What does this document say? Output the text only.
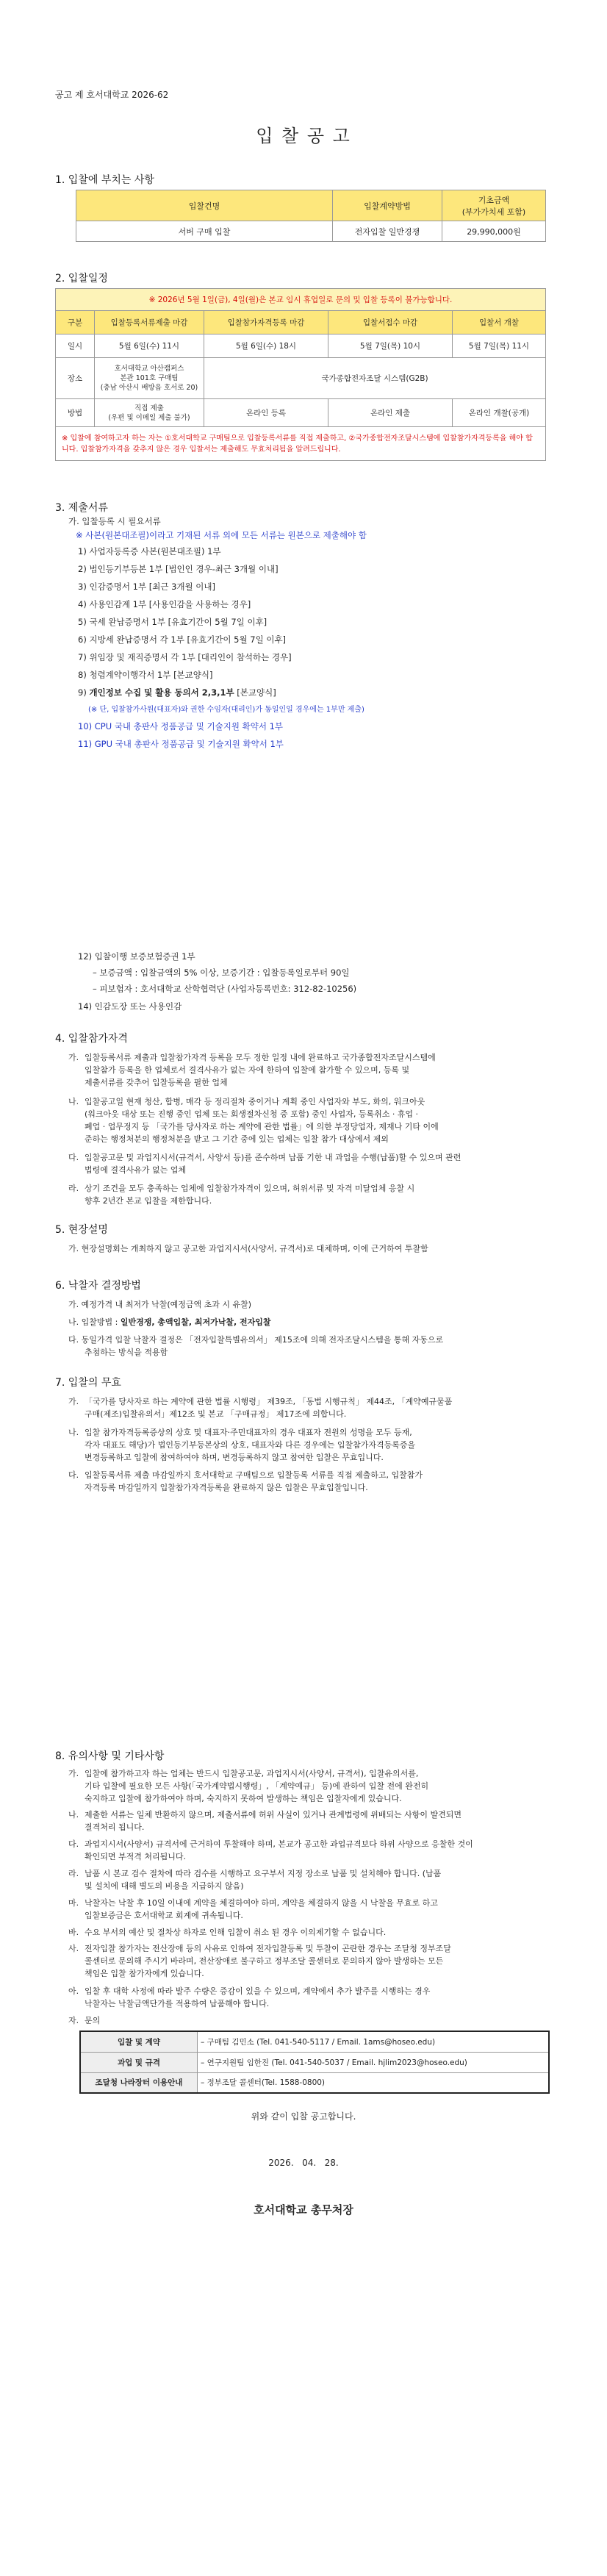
공고 제 호서대학교 2026-62
입 찰 공 고
1. 입찰에 부치는 사항
입찰건명	입찰계약방법	기초금액
(부가가치세 포함)
서버 구매 입찰	전자입찰 일반경쟁	29,990,000원
2. 입찰일정
※ 2026년 5월 1일(금), 4일(월)은 본교 임시 휴업일로 문의 및 입찰 등록이 불가능합니다.				
구분	입찰등록서류제출 마감	입찰참가자격등록 마감	입찰서접수 마감	입찰서 개찰
일시	5월 6일(수) 11시	5월 6일(수) 18시	5월 7일(목) 10시	5월 7일(목) 11시
장소	호서대학교 아산캠퍼스
본관 101호 구매팀
(충남 아산시 배방읍 호서로 20)	국가종합전자조달 시스템(G2B)		
방법	직접 제출
(우편 및 이메일 제출 불가)	온라인 등록	온라인 제출	온라인 개찰(공개)
※ 입찰에 참여하고자 하는 자는 ①호서대학교 구매팀으로 입찰등록서류를 직접 제출하고, ②국가종합전자조달시스템에 입찰참가자격등록을 해야 합니다. 입찰참가자격을 갖추지 않은 경우 입찰서는 제출해도 무효처리됨을 알려드립니다.				
3. 제출서류
가. 입찰등록 시 필요서류
※ 사본(원본대조필)이라고 기재된 서류 외에 모든 서류는 원본으로 제출해야 함
1) 사업자등록증 사본(원본대조필) 1부
2) 법인등기부등본 1부 [법인인 경우-최근 3개월 이내]
3) 인감증명서 1부 [최근 3개월 이내]
4) 사용인감계 1부 [사용인감을 사용하는 경우]
5) 국세 완납증명서 1부 [유효기간이 5월 7일 이후]
6) 지방세 완납증명서 각 1부 [유효기간이 5월 7일 이후]
7) 위임장 및 재직증명서 각 1부 [대리인이 참석하는 경우]
8) 청렴계약이행각서 1부 [본교양식]
9) 개인정보 수집 및 활용 동의서 2,3,1부 [본교양식]
(※ 단, 입찰참가사원(대표자)와 권한 수임자(대리인)가 동일인일 경우에는 1부만 제출)
10) CPU 국내 총판사 정품공급 및 기술지원 확약서 1부
11) GPU 국내 총판사 정품공급 및 기술지원 확약서 1부
12) 입찰이행 보증보험증권 1부
– 보증금액 : 입찰금액의 5% 이상, 보증기간 : 입찰등록일로부터 90일
– 피보험자 : 호서대학교 산학협력단 (사업자등록번호: 312-82-10256)
14) 인감도장 또는 사용인감
4. 입찰참가자격
가. 입찰등록서류 제출과 입찰참가자격 등록을 모두 정한 일정 내에 완료하고 국가종합전자조달시스템에
입찰참가 등록을 한 업체로서 결격사유가 없는 자에 한하여 입찰에 참가할 수 있으며, 등록 및
제출서류를 갖추어 입찰등록을 필한 업체
나. 입찰공고일 현재 청산, 합병, 매각 등 정리절차 중이거나 계획 중인 사업자와 부도, 화의, 워크아웃
(워크아웃 대상 또는 진행 중인 업체 또는 회생절차신청 중 포함) 중인 사업자, 등록취소 · 휴업 ·
폐업 · 업무정지 등 「국가를 당사자로 하는 계약에 관한 법률」에 의한 부정당업자, 제재나 기타 이에
준하는 행정처분의 행정처분을 받고 그 기간 중에 있는 업체는 입찰 참가 대상에서 제외
다. 입찰공고문 및 과업지시서(규격서, 사양서 등)를 준수하며 납품 기한 내 과업을 수행(납품)할 수 있으며 관련
법령에 결격사유가 없는 업체
라. 상기 조건을 모두 충족하는 업체에 입찰참가자격이 있으며, 허위서류 및 자격 미달업체 응찰 시
향후 2년간 본교 입찰을 제한합니다.
5. 현장설명
가. 현장설명회는 개최하지 않고 공고한 과업지시서(사양서, 규격서)로 대체하며, 이에 근거하여 투찰함
6. 낙찰자 결정방법
가. 예정가격 내 최저가 낙찰(예정금액 초과 시 유찰)
나. 입찰방법 : 일반경쟁, 총액입찰, 최저가낙찰, 전자입찰
다. 동일가격 입찰 낙찰자 결정은 「전자입찰특별유의서」 제15조에 의해 전자조달시스템을 통해 자동으로
추첨하는 방식을 적용함
7. 입찰의 무효
가. 「국가를 당사자로 하는 계약에 관한 법률 시행령」 제39조, 「동법 시행규칙」 제44조, 「계약예규물품
구매(제조)입찰유의서」제12조 및 본교 「구매규정」 제17조에 의합니다.
나. 입찰 참가자격등록증상의 상호 및 대표자·주민대표자의 경우 대표자 전원의 성명을 모두 등재,
각자 대표도 해당)가 법인등기부등본상의 상호, 대표자와 다른 경우에는 입찰참가자격등록증을
변경등록하고 입찰에 참여하여야 하며, 변경등록하지 않고 참여한 입찰은 무효입니다.
다. 입찰등록서류 제출 마감일까지 호서대학교 구매팀으로 입찰등록 서류를 직접 제출하고, 입찰참가
자격등록 마감일까지 입찰참가자격등록을 완료하지 않은 입찰은 무효입찰입니다.
8. 유의사항 및 기타사항
가. 입찰에 참가하고자 하는 업체는 반드시 입찰공고문, 과업지시서(사양서, 규격서), 입찰유의서를,
기타 입찰에 필요한 모든 사항(「국가계약법시행령」, 「계약예규」 등)에 관하여 입찰 전에 완전히
숙지하고 입찰에 참가하여야 하며, 숙지하지 못하여 발생하는 책임은 입찰자에게 있습니다.
나. 제출한 서류는 일체 반환하지 않으며, 제출서류에 허위 사실이 있거나 관계법령에 위배되는 사항이 발견되면
결격처리 됩니다.
다. 과업지시서(사양서) 규격서에 근거하여 투찰해야 하며, 본교가 공고한 과업규격보다 하위 사양으로 응찰한 것이
확인되면 부적격 처리됩니다.
라. 납품 시 본교 검수 절차에 따라 검수를 시행하고 요구부서 지정 장소로 납품 및 설치해야 합니다. (납품
및 설치에 대해 별도의 비용을 지급하지 않음)
마. 낙찰자는 낙찰 후 10일 이내에 계약을 체결하여야 하며, 계약을 체결하지 않을 시 낙찰을 무효로 하고
입찰보증금은 호서대학교 회계에 귀속됩니다.
바. 수요 부서의 예산 및 절차상 하자로 인해 입찰이 취소 된 경우 이의제기할 수 없습니다.
사. 전자입찰 참가자는 전산장애 등의 사유로 인하여 전자입찰등록 및 투찰이 곤란한 경우는 조달청 정부조달
콜센터로 문의해 주시기 바라며, 전산장애로 불구하고 정부조달 콜센터로 문의하지 않아 발생하는 모든
책임은 입찰 참가자에게 있습니다.
아. 입찰 후 대학 사정에 따라 발주 수량은 증감이 있을 수 있으며, 계약에서 추가 발주를 시행하는 경우
낙찰자는 낙찰금액단가를 적용하여 납품해야 합니다.
자. 문의
입찰 및 계약	– 구매팀 김민소 (Tel. 041-540-5117 / Email. 1ams@hoseo.edu)
과업 및 규격	– 연구지원팀 임한진 (Tel. 041-540-5037 / Email. hjlim2023@hoseo.edu)
조달청 나라장터 이용안내	– 정부조달 콜센터(Tel. 1588-0800)
위와 같이 입찰 공고합니다.
2026.   04.   28.
호서대학교 총무처장
